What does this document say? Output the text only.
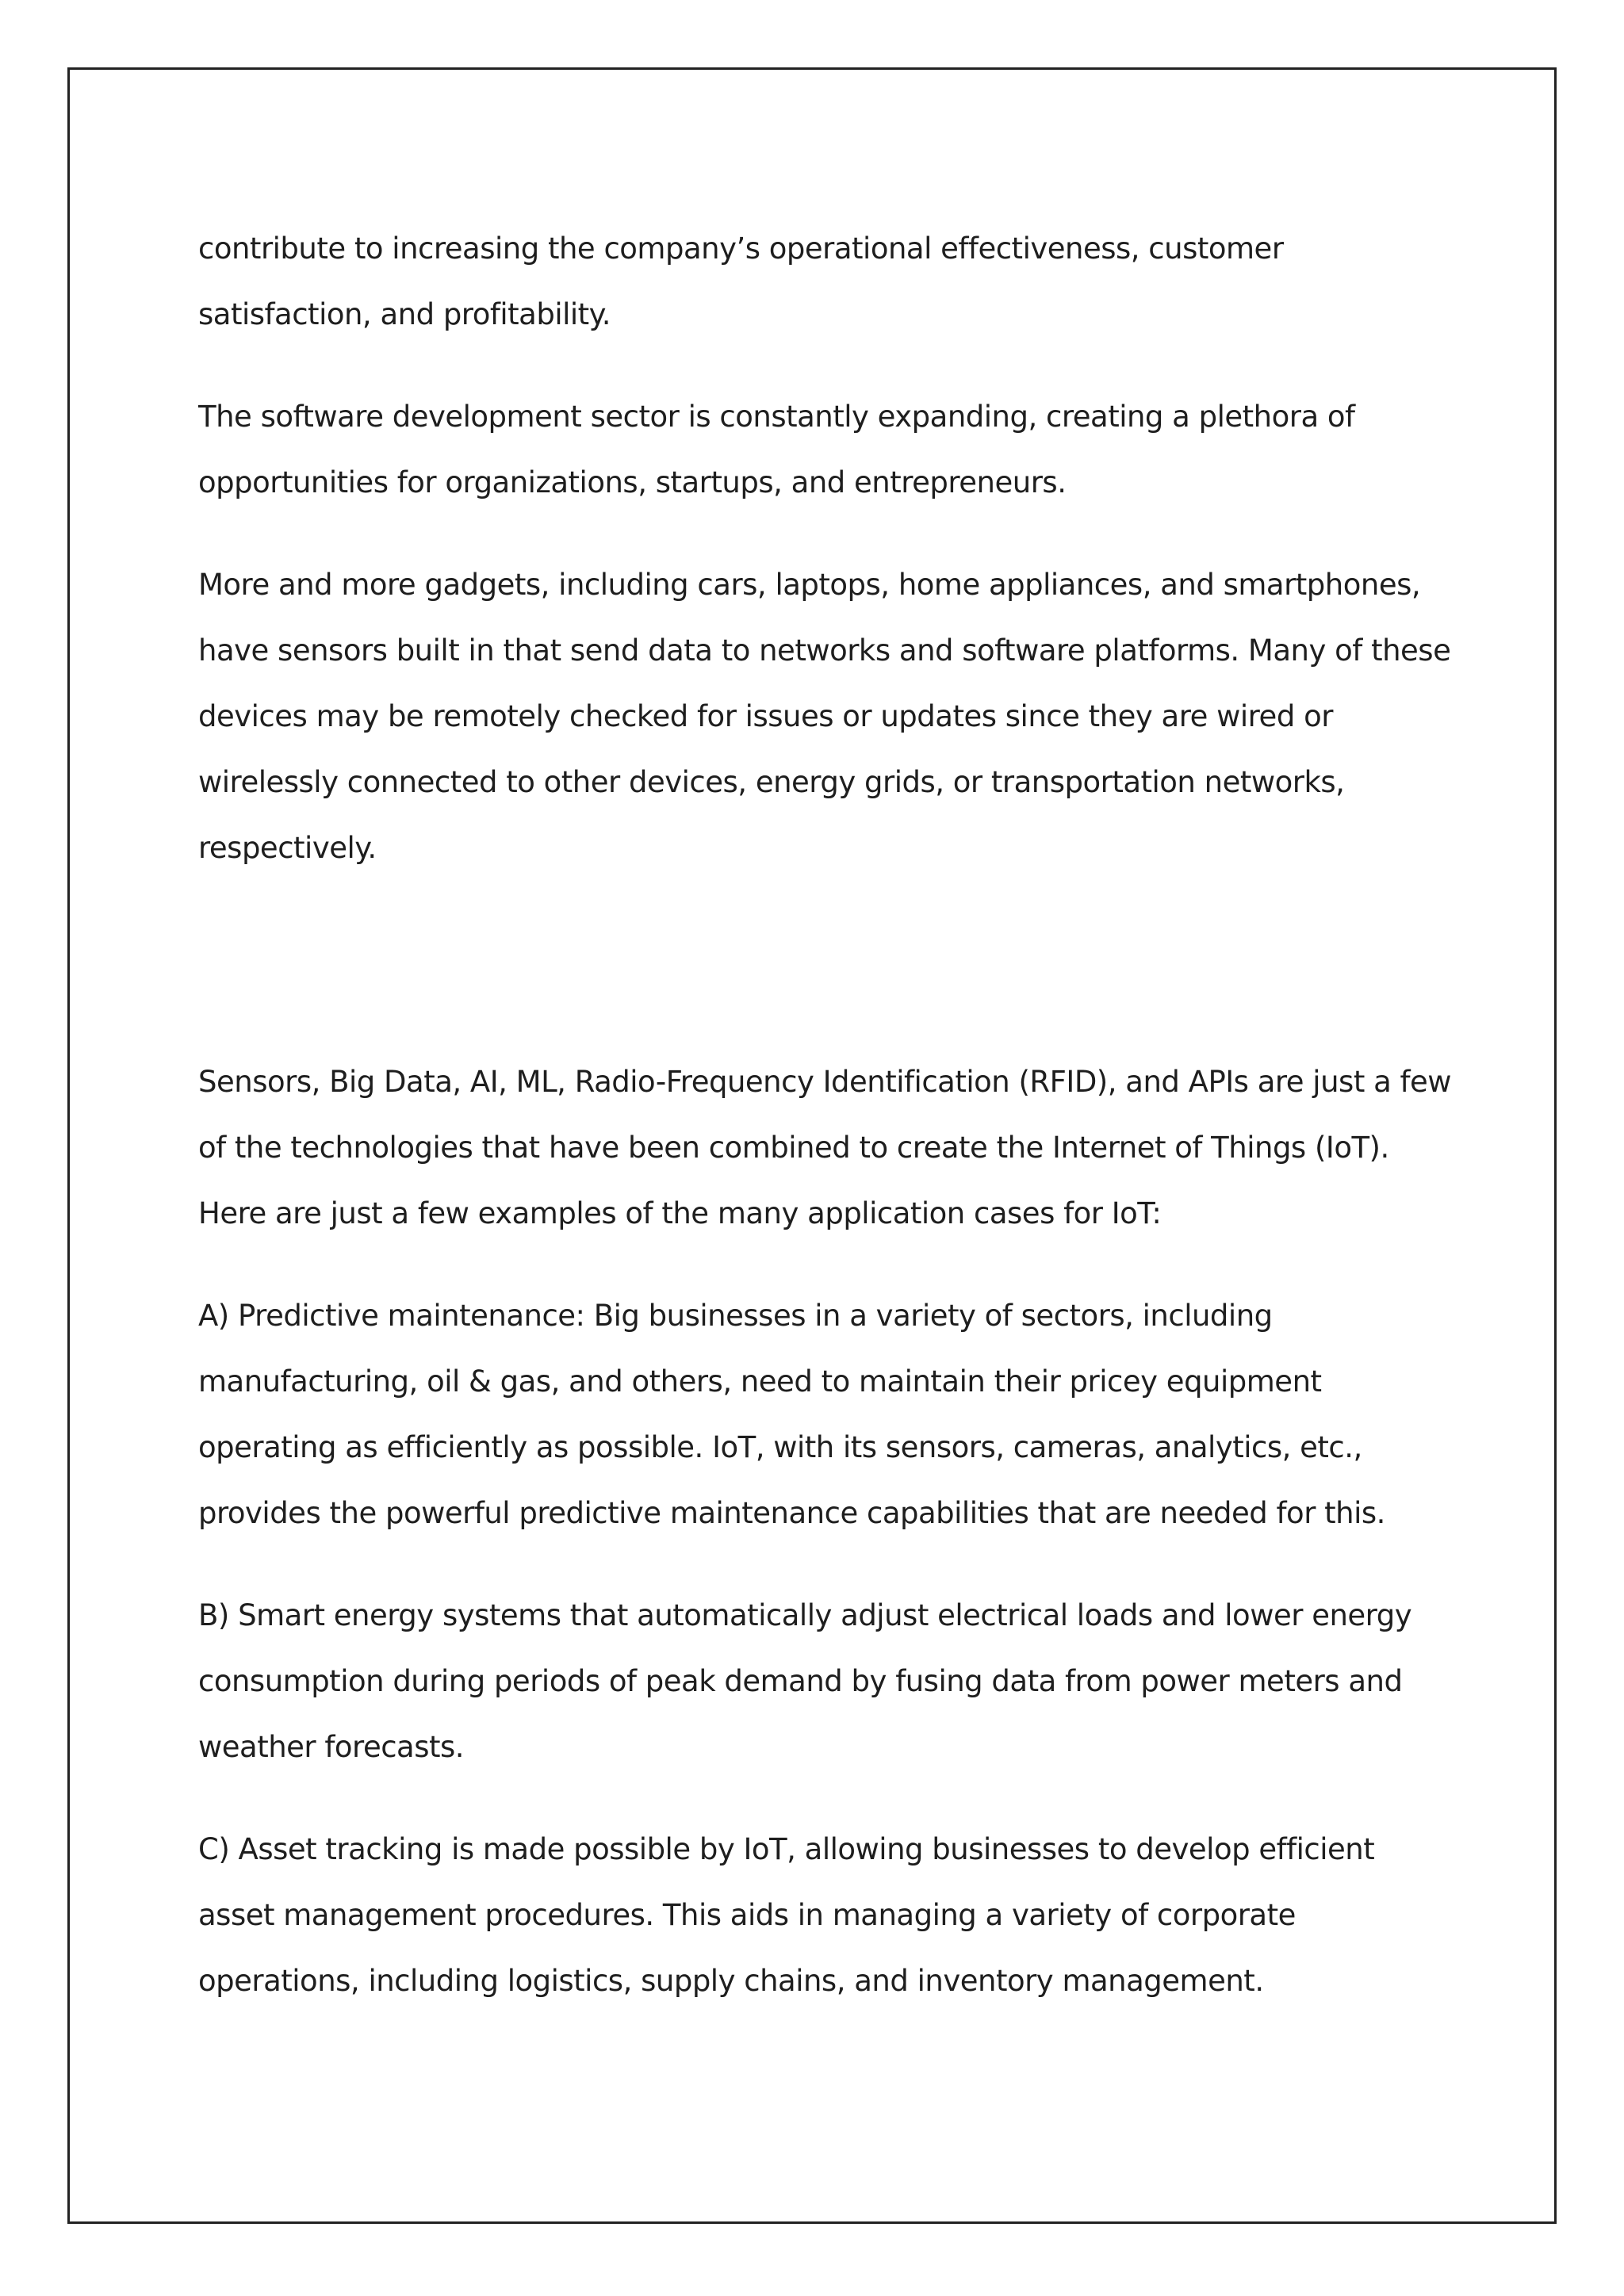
contribute to increasing the company’s operational effectiveness, customer satisfaction, and profitability.

The software development sector is constantly expanding, creating a plethora of opportunities for organizations, startups, and entrepreneurs.

More and more gadgets, including cars, laptops, home appliances, and smartphones, have sensors built in that send data to networks and software platforms. Many of these devices may be remotely checked for issues or updates since they are wired or wirelessly connected to other devices, energy grids, or transportation networks, respectively.

Sensors, Big Data, AI, ML, Radio-Frequency Identification (RFID), and APIs are just a few of the technologies that have been combined to create the Internet of Things (IoT). Here are just a few examples of the many application cases for IoT:

A) Predictive maintenance: Big businesses in a variety of sectors, including manufacturing, oil & gas, and others, need to maintain their pricey equipment operating as efficiently as possible. IoT, with its sensors, cameras, analytics, etc., provides the powerful predictive maintenance capabilities that are needed for this.

B) Smart energy systems that automatically adjust electrical loads and lower energy consumption during periods of peak demand by fusing data from power meters and weather forecasts.

C) Asset tracking is made possible by IoT, allowing businesses to develop efficient asset management procedures. This aids in managing a variety of corporate operations, including logistics, supply chains, and inventory management.
